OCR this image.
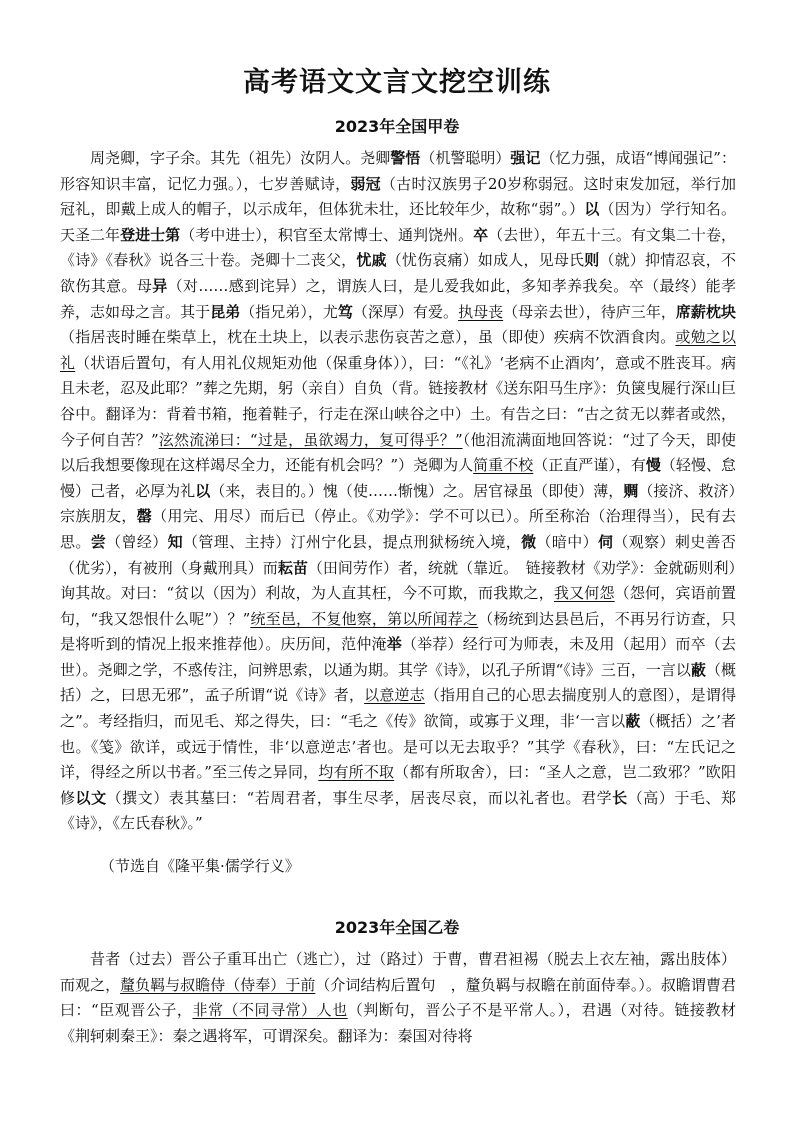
高考语文文言文挖空训练
2023年全国甲卷

周尧卿，字子余。其先（祖先）汝阴人。尧卿警悟（机警聪明）强记（忆力强，成语“博闻强记”：形容知识丰富，记忆力强。），七岁善赋诗，弱冠（古时汉族男子20岁称弱冠。这时束发加冠，举行加冠礼，即戴上成人的帽子，以示成年，但体犹未壮，还比较年少，故称“弱”。）以（因为）学行知名。天圣二年登进士第（考中进士），积官至太常博士、通判饶州。卒（去世），年五十三。有文集二十卷，《诗》《春秋》说各三十卷。尧卿十二丧父，忧戚（忧伤哀痛）如成人，见母氏则（就）抑情忍哀，不欲伤其意。母异（对……感到诧异）之，谓族人曰，是儿爱我如此，多知孝养我矣。卒（最终）能孝养，志如母之言。其于昆弟（指兄弟），尤笃（深厚）有爱。执母丧（母亲去世），待庐三年，席薪枕块（指居丧时睡在柴草上，枕在土块上，以表示悲伤哀苦之意），虽（即使）疾病不饮酒食肉。或勉之以礼（状语后置句，有人用礼仪规矩劝他（保重身体）），曰：“《礼》‘老病不止酒肉’，意或不胜丧耳。病且未老，忍及此耶？”葬之先期，躬（亲自）自负（背。链接教材《送东阳马生序》：负箧曳屣行深山巨谷中。翻译为：背着书箱，拖着鞋子，行走在深山峡谷之中）土。有告之曰：“古之贫无以葬者或然，今子何自苦？”泫然流涕曰：“过是，虽欲竭力，复可得乎？”（他泪流满面地回答说：“过了今天，即使以后我想要像现在这样竭尽全力，还能有机会吗？”）尧卿为人简重不校（正直严谨），有慢（轻慢、怠慢）己者，必厚为礼以（来，表目的。）愧（使……惭愧）之。居官禄虽（即使）薄，赒（接济、救济）宗族朋友，罄（用完、用尽）而后已（停止。《劝学》：学不可以已）。所至称治（治理得当），民有去思。尝（曾经）知（管理、主持）汀州宁化县，提点刑狱杨统入境，微（暗中）伺（观察）刺史善否（优劣），有被刑（身戴刑具）而耘苗（田间劳作）者，统就（靠近。　链接教材《劝学》：金就砺则利）询其故。对曰：“贫以（因为）利故，为人直其枉，今不可欺，而我欺之，我又何怨（怨何，宾语前置句，“我又怨恨什么呢”）？”统至邑，不复他察，第以所闻荐之（杨统到达县邑后，不再另行访查，只是将听到的情况上报来推荐他）。庆历间，范仲淹举（举荐）经行可为师表，未及用（起用）而卒（去世）。尧卿之学，不惑传注，问辨思索，以通为期。其学《诗》，以孔子所谓“《诗》三百，一言以蔽（概括）之，曰思无邪”，孟子所谓“说《诗》者，以意逆志（指用自己的心思去揣度别人的意图），是谓得之”。考经指归，而见毛、郑之得失，曰：“毛之《传》欲简，或寡于义理，非‘一言以蔽（概括）之’者也。《笺》欲详，或远于情性，非‘以意逆志’者也。是可以无去取乎？”其学《春秋》，曰：“左氏记之详，得经之所以书者。”至三传之异同，均有所不取（都有所取舍），曰：“圣人之意，岂二致邪？”欧阳修以文（撰文）表其墓曰：“若周君者，事生尽孝，居丧尽哀，而以礼者也。君学长（高）于毛、郑《诗》，《左氏春秋》。”

（节选自《隆平集·儒学行义》

2023年全国乙卷

昔者（过去）晋公子重耳出亡（逃亡），过（路过）于曹，曹君袒裼（脱去上衣左袖，露出肢体）而观之，釐负羁与叔瞻侍（侍奉）于前（介词结构后置句　，釐负羁与叔瞻在前面侍奉。）。叔瞻谓曹君曰：“臣观晋公子，非常（不同寻常）人也（判断句，晋公子不是平常人。），君遇（对待。链接教材《荆轲刺秦王》：秦之遇将军，可谓深矣。翻译为：秦国对待将
